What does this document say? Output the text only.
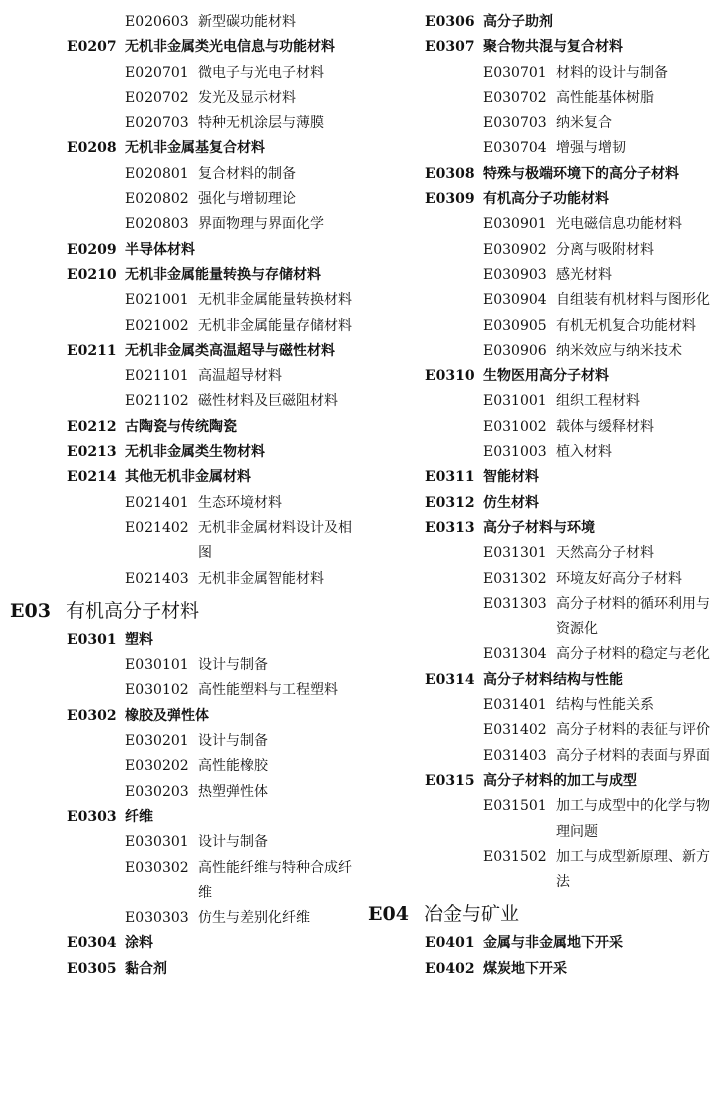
E020603 新型碳功能材料
E0207 无机非金属类光电信息与功能材料
E020701 微电子与光电子材料
E020702 发光及显示材料
E020703 特种无机涂层与薄膜
E0208 无机非金属基复合材料
E020801 复合材料的制备
E020802 强化与增韧理论
E020803 界面物理与界面化学
E0209 半导体材料
E0210 无机非金属能量转换与存储材料
E021001 无机非金属能量转换材料
E021002 无机非金属能量存储材料
E0211 无机非金属类高温超导与磁性材料
E021101 高温超导材料
E021102 磁性材料及巨磁阻材料
E0212 古陶瓷与传统陶瓷
E0213 无机非金属类生物材料
E0214 其他无机非金属材料
E021401 生态环境材料
E021402 无机非金属材料设计及相图
E021403 无机非金属智能材料
E03 有机高分子材料
E0301 塑料
E030101 设计与制备
E030102 高性能塑料与工程塑料
E0302 橡胶及弹性体
E030201 设计与制备
E030202 高性能橡胶
E030203 热塑弹性体
E0303 纤维
E030301 设计与制备
E030302 高性能纤维与特种合成纤维
E030303 仿生与差别化纤维
E0304 涂料
E0305 黏合剂
E0306 高分子助剂
E0307 聚合物共混与复合材料
E030701 材料的设计与制备
E030702 高性能基体树脂
E030703 纳米复合
E030704 增强与增韧
E0308 特殊与极端环境下的高分子材料
E0309 有机高分子功能材料
E030901 光电磁信息功能材料
E030902 分离与吸附材料
E030903 感光材料
E030904 自组装有机材料与图形化
E030905 有机无机复合功能材料
E030906 纳米效应与纳米技术
E0310 生物医用高分子材料
E031001 组织工程材料
E031002 载体与缓释材料
E031003 植入材料
E0311 智能材料
E0312 仿生材料
E0313 高分子材料与环境
E031301 天然高分子材料
E031302 环境友好高分子材料
E031303 高分子材料的循环利用与资源化
E031304 高分子材料的稳定与老化
E0314 高分子材料结构与性能
E031401 结构与性能关系
E031402 高分子材料的表征与评价
E031403 高分子材料的表面与界面
E0315 高分子材料的加工与成型
E031501 加工与成型中的化学与物理问题
E031502 加工与成型新原理、新方法
E04 冶金与矿业
E0401 金属与非金属地下开采
E0402 煤炭地下开采
